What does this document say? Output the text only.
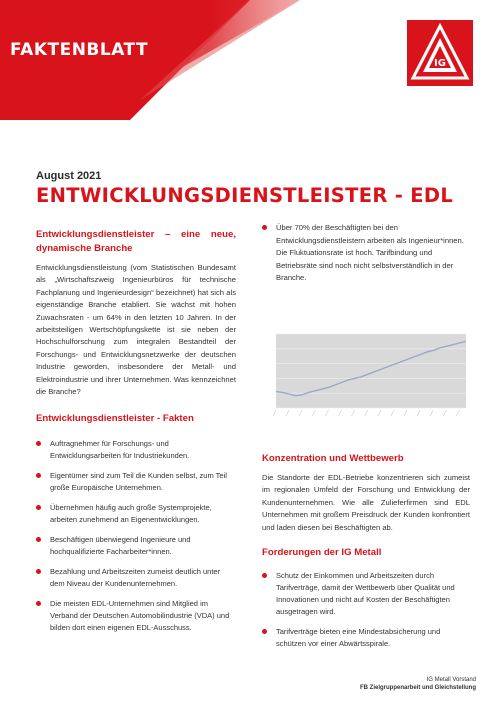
FAKTENBLATT
IG
August 2021
ENTWICKLUNGSDIENSTLEISTER - EDL
Entwicklungsdienstleister – eine neue, dynamische Branche

Entwicklungsdienstleistung (vom Statistischen Bundesamt als „Wirtschaftszweig Ingenieurbüros für technische Fachplanung und Ingenieurdesign“ bezeichnet) hat sich als eigenständige Branche etabliert. Sie wächst mit hohen Zuwachsraten - um 64% in den letzten 10 Jahren. In der arbeitsteiligen Wertschöpfungskette ist sie neben der Hochschulforschung zum integralen Bestandteil der Forschungs- und Entwicklungsnetzwerke der deutschen Industrie geworden, insbesondere der Metall- und Elektroindustrie und ihrer Unternehmen. Was kennzeichnet die Branche?

Entwicklungsdienstleister - Fakten
Auftragnehmer für Forschungs- und Entwicklungsarbeiten für Industriekunden.
Eigentümer sind zum Teil die Kunden selbst, zum Teil große Europäische Unternehmen.
Übernehmen häufig auch große Systemprojekte, arbeiten zunehmend an Eigenentwicklungen.
Beschäftigen überwiegend Ingenieure und hochqualifizierte Facharbeiter*innen.
Bezahlung und Arbeitszeiten zumeist deutlich unter dem Niveau der Kundenunternehmen.
Die meisten EDL-Unternehmen sind Mitglied im Verband der Deutschen Automobilindustrie (VDA) und bilden dort einen eigenen EDL-Ausschuss.
Über 70% der Beschäftigten bei den Entwicklungsdienstleistern arbeiten als Ingenieur*innen. Die Fluktuationsrate ist hoch. Tarifbindung und Betriebsräte sind noch nicht selbstverständlich in der Branche.

Konzentration und Wettbewerb

Die Standorte der EDL-Betriebe konzentrieren sich zumeist im regionalen Umfeld der Forschung und Entwicklung der Kundenunternehmen. Wie alle Zulieferfirmen sind EDL Unternehmen mit großem Preisdruck der Kunden konfrontiert und laden diesen bei Beschäftigten ab.

Forderungen der IG Metall
Schutz der Einkommen und Arbeitszeiten durch Tarifverträge, damit der Wettbewerb über Qualität und Innovationen und nicht auf Kosten der Beschäftigten ausgetragen wird.
Tarifverträge bieten eine Mindestabsicherung und schützen vor einer Abwärtsspirale.
IG Metall Vorstand
FB Zielgruppenarbeit und Gleichstellung
